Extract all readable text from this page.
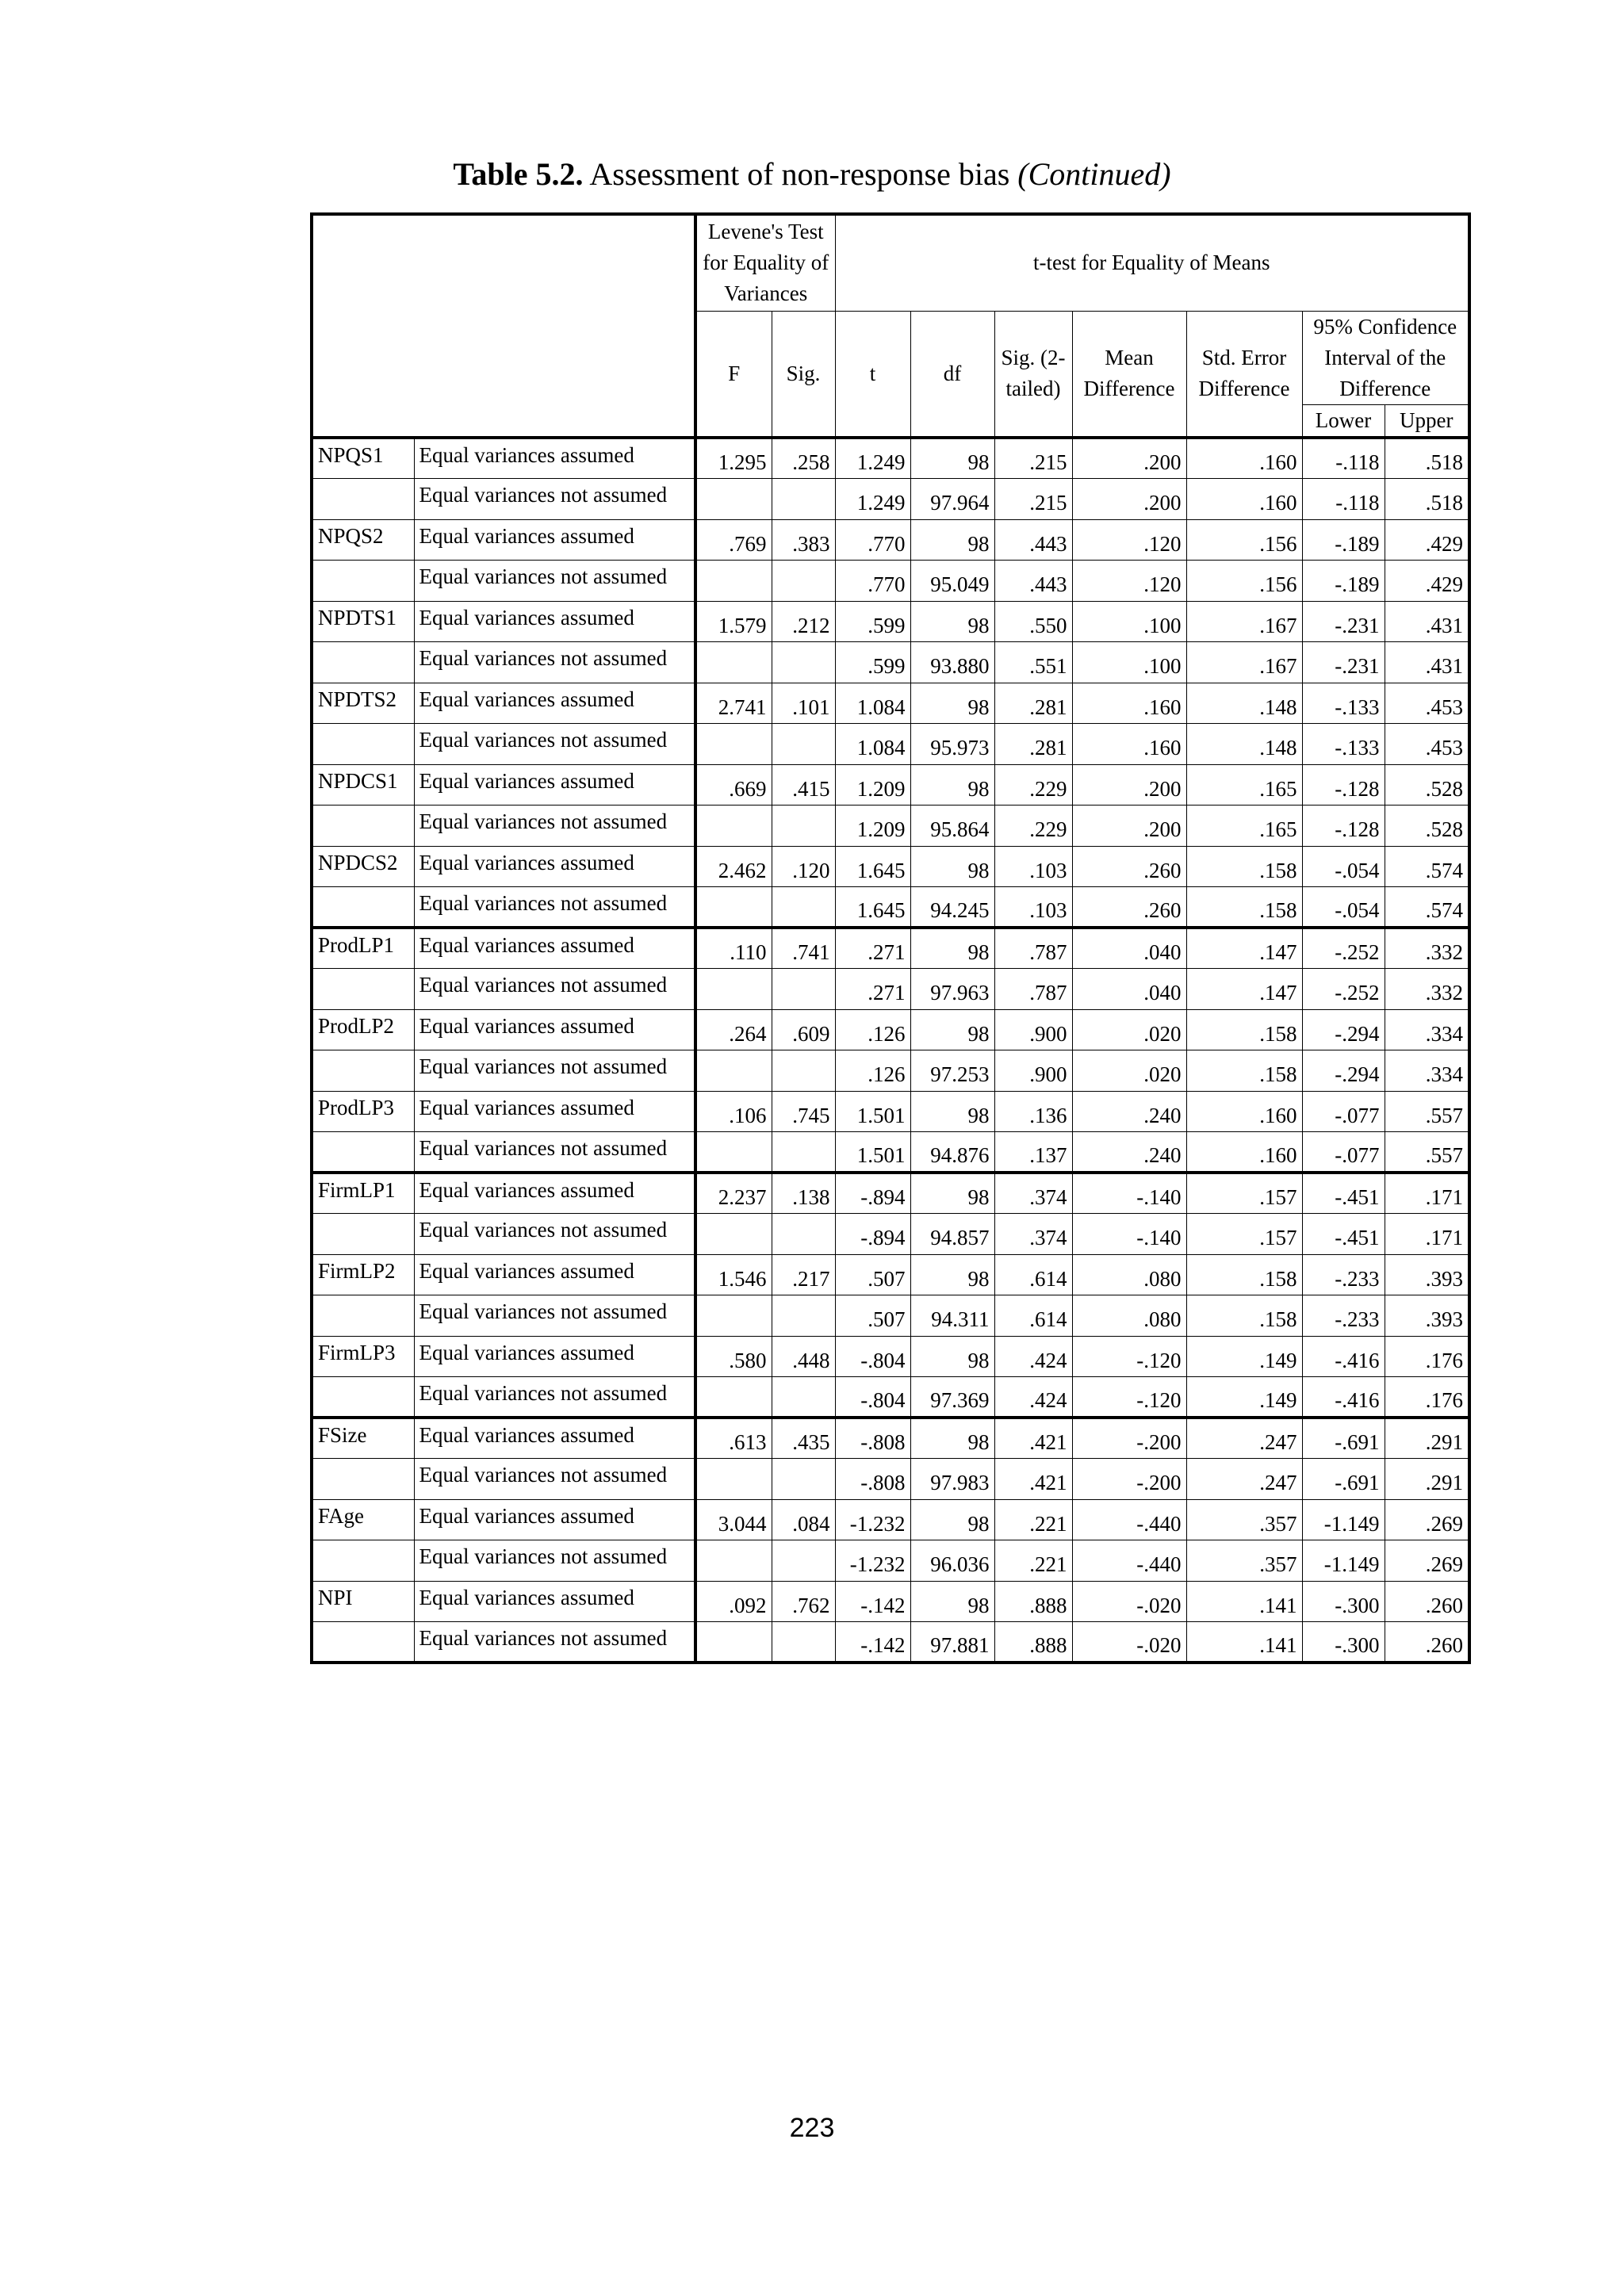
Table 5.2. Assessment of non-response bias (Continued)
		Levene's Test for Equality of Variances		t-test for Equality of Means						
		F	Sig.	t	df	Sig. (2-tailed)	Mean Difference	Std. Error Difference	95% Confidence Interval of the Difference	
									Lower	Upper
NPQS1	Equal variances assumed	1.295	.258	1.249	98	.215	.200	.160	-.118	.518
	Equal variances not assumed			1.249	97.964	.215	.200	.160	-.118	.518
NPQS2	Equal variances assumed	.769	.383	.770	98	.443	.120	.156	-.189	.429
	Equal variances not assumed			.770	95.049	.443	.120	.156	-.189	.429
NPDTS1	Equal variances assumed	1.579	.212	.599	98	.550	.100	.167	-.231	.431
	Equal variances not assumed			.599	93.880	.551	.100	.167	-.231	.431
NPDTS2	Equal variances assumed	2.741	.101	1.084	98	.281	.160	.148	-.133	.453
	Equal variances not assumed			1.084	95.973	.281	.160	.148	-.133	.453
NPDCS1	Equal variances assumed	.669	.415	1.209	98	.229	.200	.165	-.128	.528
	Equal variances not assumed			1.209	95.864	.229	.200	.165	-.128	.528
NPDCS2	Equal variances assumed	2.462	.120	1.645	98	.103	.260	.158	-.054	.574
	Equal variances not assumed			1.645	94.245	.103	.260	.158	-.054	.574
ProdLP1	Equal variances assumed	.110	.741	.271	98	.787	.040	.147	-.252	.332
	Equal variances not assumed			.271	97.963	.787	.040	.147	-.252	.332
ProdLP2	Equal variances assumed	.264	.609	.126	98	.900	.020	.158	-.294	.334
	Equal variances not assumed			.126	97.253	.900	.020	.158	-.294	.334
ProdLP3	Equal variances assumed	.106	.745	1.501	98	.136	.240	.160	-.077	.557
	Equal variances not assumed			1.501	94.876	.137	.240	.160	-.077	.557
FirmLP1	Equal variances assumed	2.237	.138	-.894	98	.374	-.140	.157	-.451	.171
	Equal variances not assumed			-.894	94.857	.374	-.140	.157	-.451	.171
FirmLP2	Equal variances assumed	1.546	.217	.507	98	.614	.080	.158	-.233	.393
	Equal variances not assumed			.507	94.311	.614	.080	.158	-.233	.393
FirmLP3	Equal variances assumed	.580	.448	-.804	98	.424	-.120	.149	-.416	.176
	Equal variances not assumed			-.804	97.369	.424	-.120	.149	-.416	.176
FSize	Equal variances assumed	.613	.435	-.808	98	.421	-.200	.247	-.691	.291
	Equal variances not assumed			-.808	97.983	.421	-.200	.247	-.691	.291
FAge	Equal variances assumed	3.044	.084	-1.232	98	.221	-.440	.357	-1.149	.269
	Equal variances not assumed			-1.232	96.036	.221	-.440	.357	-1.149	.269
NPI	Equal variances assumed	.092	.762	-.142	98	.888	-.020	.141	-.300	.260
	Equal variances not assumed			-.142	97.881	.888	-.020	.141	-.300	.260
223
